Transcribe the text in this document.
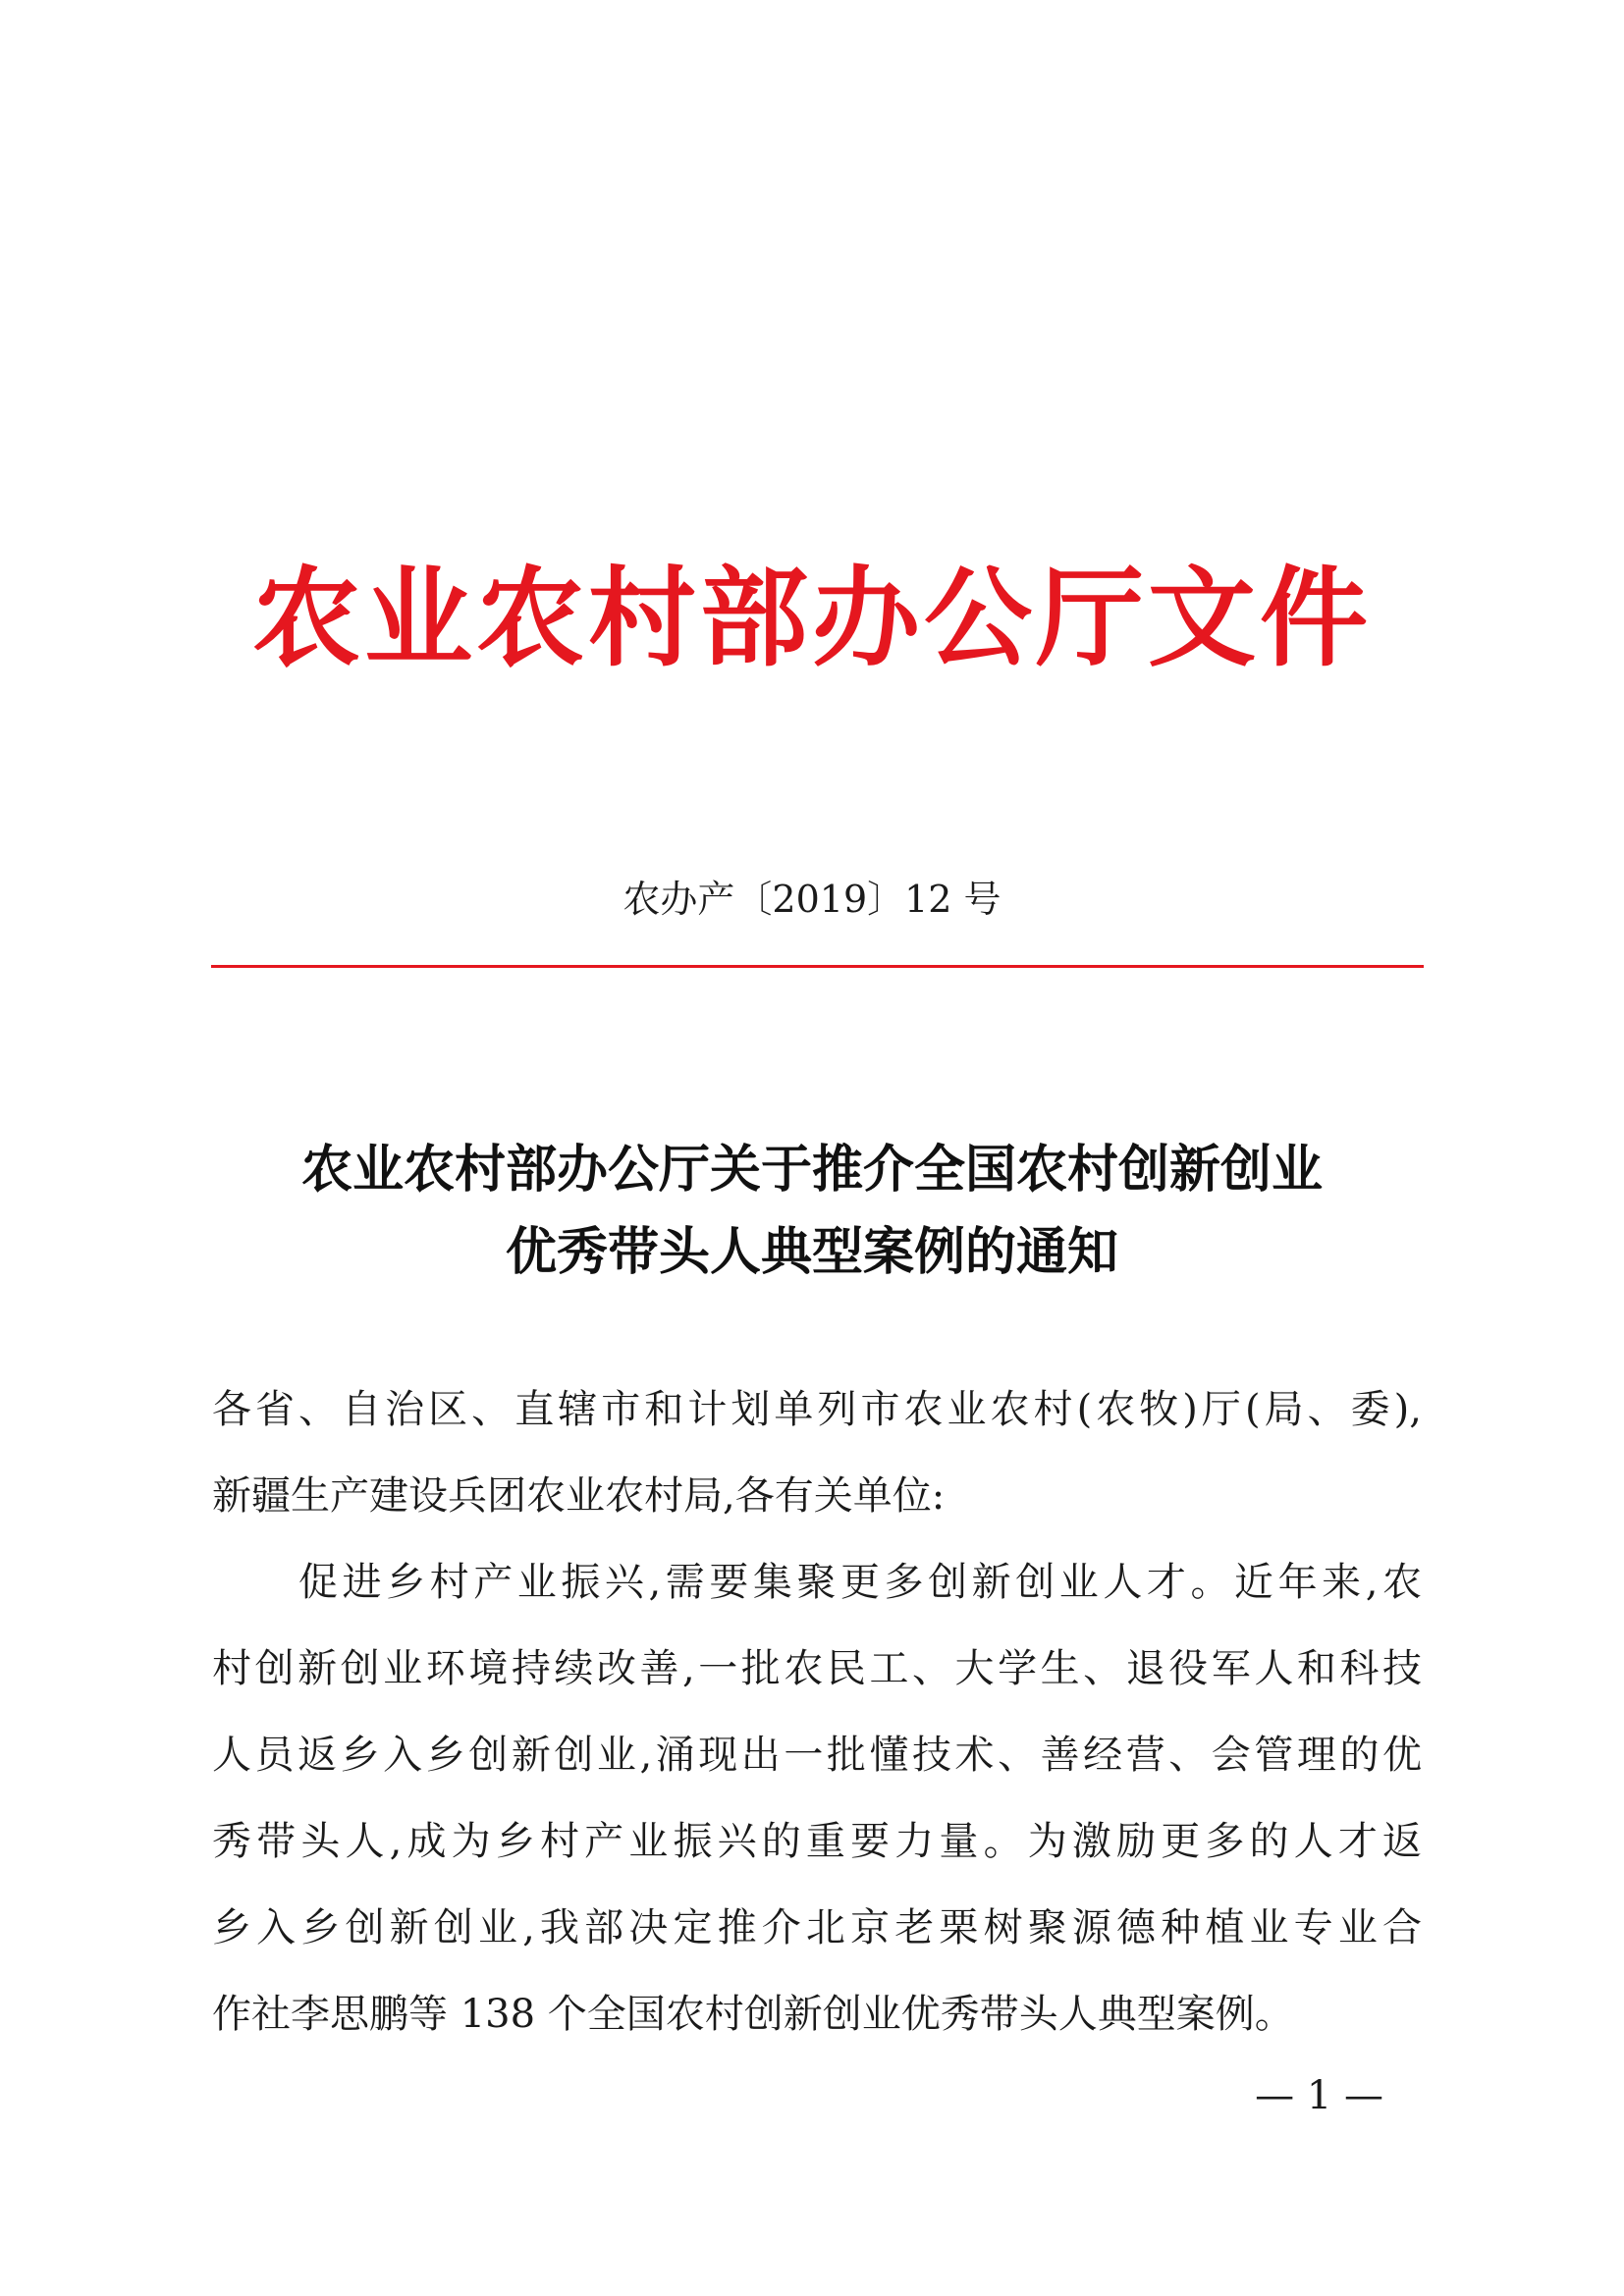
农业农村部办公厅文件
农办产〔2019〕12 号
农业农村部办公厅关于推介全国农村创新创业
优秀带头人典型案例的通知
各省、自治区、直辖市和计划单列市农业农村(农牧)厅(局、委),
新疆生产建设兵团农业农村局,各有关单位:
促进乡村产业振兴,需要集聚更多创新创业人才。近年来,农
村创新创业环境持续改善,一批农民工、大学生、退役军人和科技
人员返乡入乡创新创业,涌现出一批懂技术、善经营、会管理的优
秀带头人,成为乡村产业振兴的重要力量。为激励更多的人才返
乡入乡创新创业,我部决定推介北京老栗树聚源德种植业专业合
作社李思鹏等 138 个全国农村创新创业优秀带头人典型案例。
— 1 —
